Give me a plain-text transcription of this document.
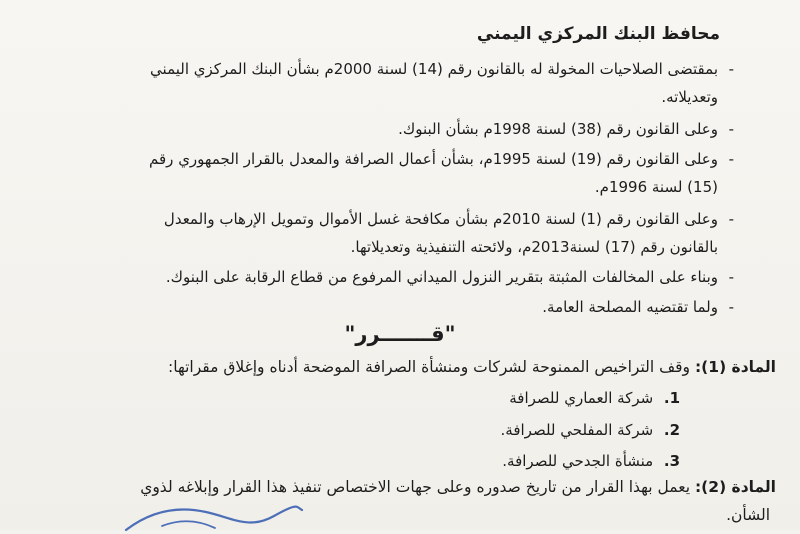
محافظ البنك المركزي اليمني
- بمقتضى الصلاحيات المخولة له بالقانون رقم (14) لسنة 2000م بشأن البنك المركزي اليمني
وتعديلاته.
- وعلى القانون رقم (38) لسنة 1998م بشأن البنوك.
- وعلى القانون رقم (19) لسنة 1995م، بشأن أعمال الصرافة والمعدل بالقرار الجمهوري رقم
(15) لسنة 1996م.
- وعلى القانون رقم (1) لسنة 2010م بشأن مكافحة غسل الأموال وتمويل الإرهاب والمعدل
بالقانون رقم (17) لسنة2013م، ولائحته التنفيذية وتعديلاتها.
- وبناء على المخالفات المثبتة بتقرير النزول الميداني المرفوع من قطاع الرقابة على البنوك.
- ولما تقتضيه المصلحة العامة.
"قـــــــرر"
المادة (1): وقف التراخيص الممنوحة لشركات ومنشأة الصرافة الموضحة أدناه وإغلاق مقراتها:
1. شركة العماري للصرافة
2. شركة المفلحي للصرافة.
3. منشأة الجدحي للصرافة.
المادة (2): يعمل بهذا القرار من تاريخ صدوره وعلى جهات الاختصاص تنفيذ هذا القرار وإبلاغه لذوي
الشأن.
